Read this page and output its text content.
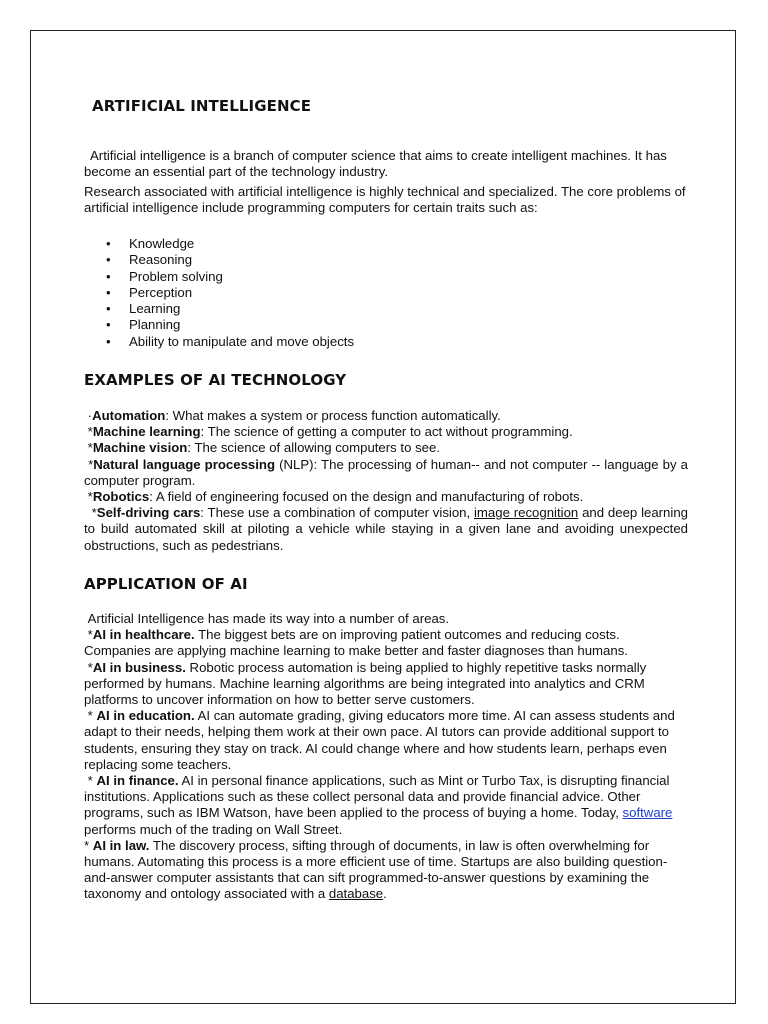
ARTIFICIAL INTELLIGENCE

Artificial intelligence is a branch of computer science that aims to create intelligent machines. It has become an essential part of the technology industry.

Research associated with artificial intelligence is highly technical and specialized. The core problems of artificial intelligence include programming computers for certain traits such as:

• Knowledge
• Reasoning
• Problem solving
• Perception
• Learning
• Planning
• Ability to manipulate and move objects
EXAMPLES OF AI TECHNOLOGY
·Automation: What makes a system or process function automatically.
*Machine learning: The science of getting a computer to act without programming.
*Machine vision: The science of allowing computers to see.
*Natural language processing (NLP): The processing of human-- and not computer -- language by a computer program.
*Robotics: A field of engineering focused on the design and manufacturing of robots.
*Self-driving cars: These use a combination of computer vision, image recognition and deep learning to build automated skill at piloting a vehicle while staying in a given lane and avoiding unexpected obstructions, such as pedestrians.
APPLICATION OF AI
Artificial Intelligence has made its way into a number of areas.
*AI in healthcare. The biggest bets are on improving patient outcomes and reducing costs. Companies are applying machine learning to make better and faster diagnoses than humans.
*AI in business. Robotic process automation is being applied to highly repetitive tasks normally performed by humans. Machine learning algorithms are being integrated into analytics and CRM platforms to uncover information on how to better serve customers.
* AI in education. AI can automate grading, giving educators more time. AI can assess students and adapt to their needs, helping them work at their own pace. AI tutors can provide additional support to students, ensuring they stay on track. AI could change where and how students learn, perhaps even replacing some teachers.
* AI in finance. AI in personal finance applications, such as Mint or Turbo Tax, is disrupting financial institutions. Applications such as these collect personal data and provide financial advice. Other programs, such as IBM Watson, have been applied to the process of buying a home. Today, software performs much of the trading on Wall Street.
* AI in law. The discovery process, sifting through of documents, in law is often overwhelming for humans. Automating this process is a more efficient use of time. Startups are also building question-and-answer computer assistants that can sift programmed-to-answer questions by examining the taxonomy and ontology associated with a database.
